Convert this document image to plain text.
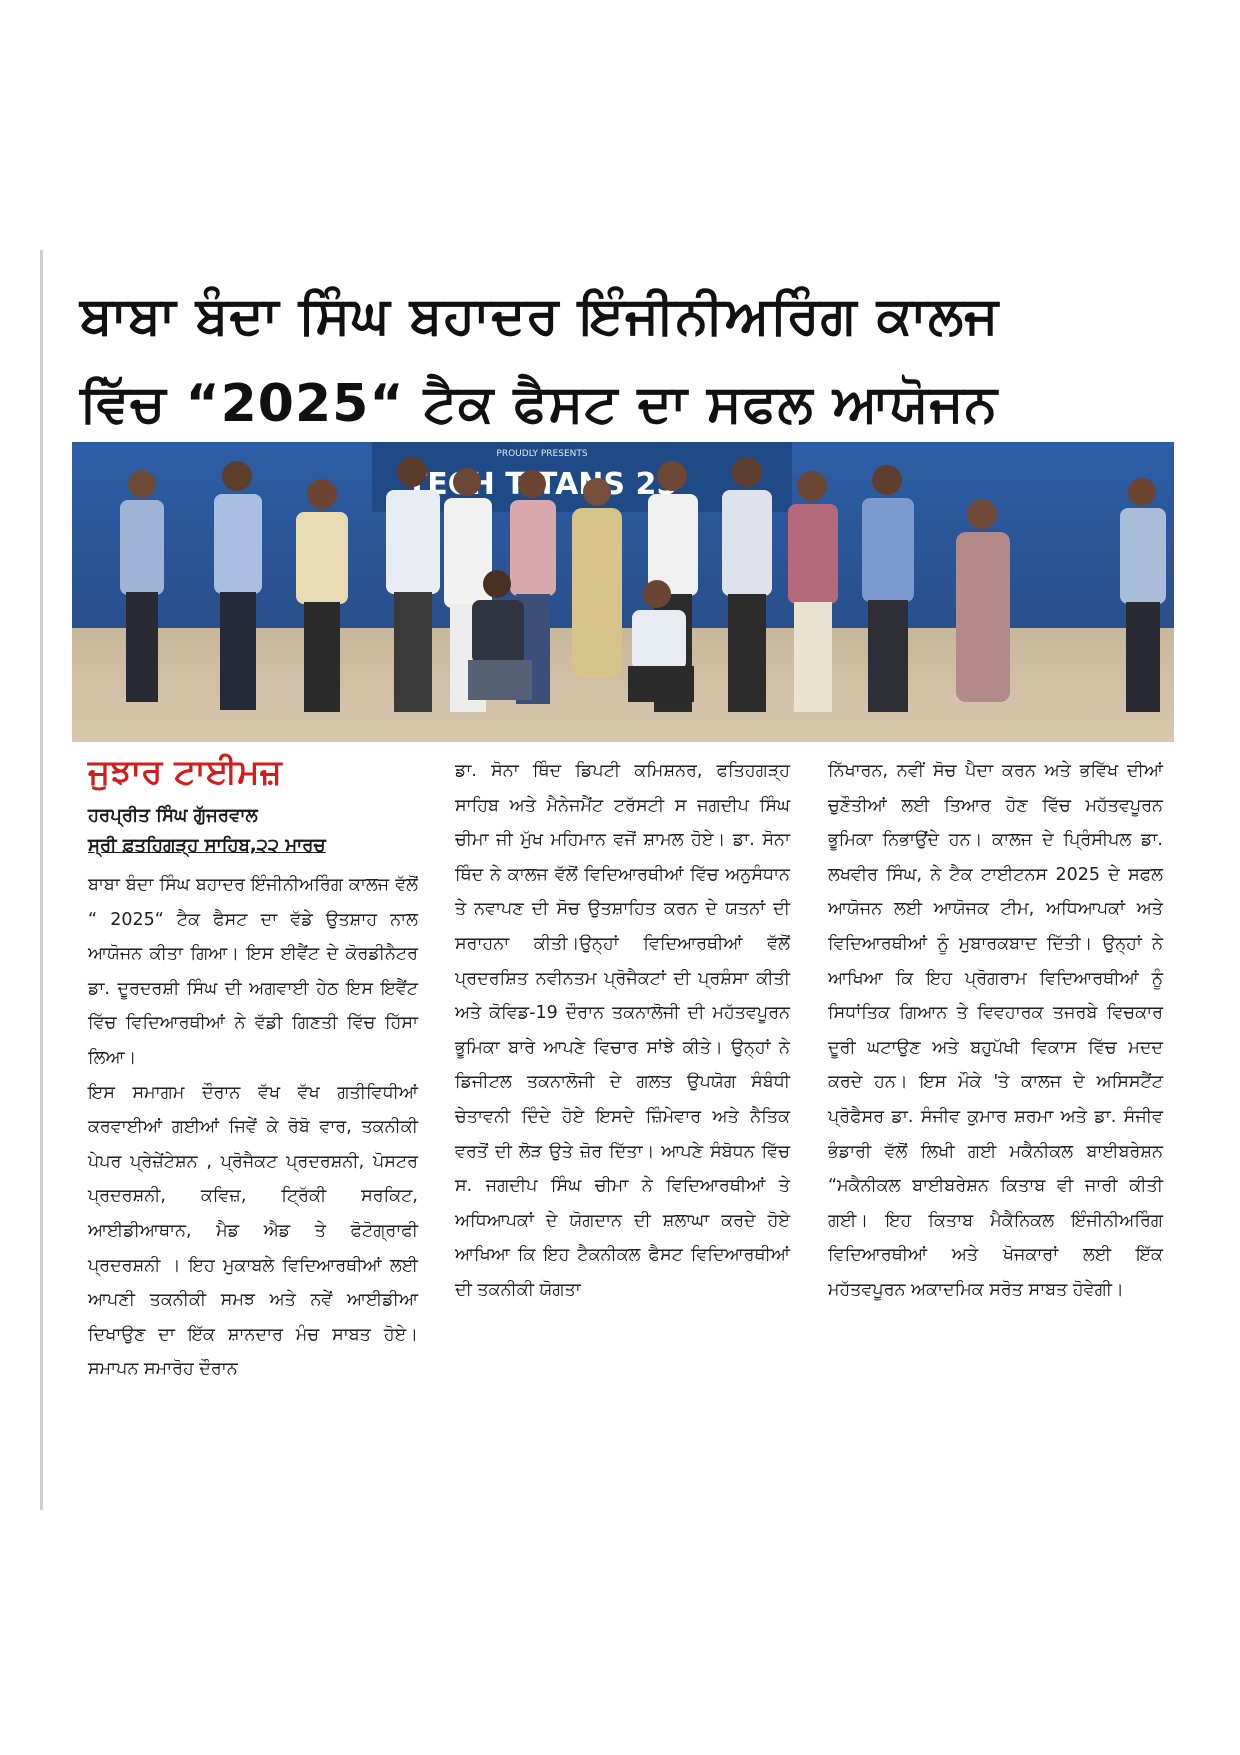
ਬਾਬਾ ਬੰਦਾ ਸਿੰਘ ਬਹਾਦਰ ਇੰਜੀਨੀਅਰਿੰਗ ਕਾਲਜ
ਵਿੱਚ “2025“ ਟੈਕ ਫੈਸਟ ਦਾ ਸਫਲ ਆਯੋਜਨ
PROUDLY PRESENTS
TECH TITANS 25
ਜੁਝਾਰ ਟਾਈਮਜ਼
ਹਰਪ੍ਰੀਤ ਸਿੰਘ ਗੁੱਜਰਵਾਲ
ਸ੍ਰੀ ਫ਼ਤਹਿਗੜ੍ਹ ਸਾਹਿਬ,੨੨ ਮਾਰਚ

ਬਾਬਾ ਬੰਦਾ ਸਿੰਘ ਬਹਾਦਰ ਇੰਜੀਨੀਅਰਿੰਗ ਕਾਲਜ ਵੱਲੋਂ “ 2025“ ਟੈਕ ਫੈਸਟ ਦਾ ਵੱਡੇ ਉਤਸ਼ਾਹ ਨਾਲ ਆਯੋਜਨ ਕੀਤਾ ਗਿਆ। ਇਸ ਈਵੈਂਟ ਦੇ ਕੋਰਡੀਨੈਟਰ ਡਾ. ਦੂਰਦਰਸ਼ੀ ਸਿੰਘ ਦੀ ਅਗਵਾਈ ਹੇਠ ਇਸ ਇਵੈਂਟ ਵਿੱਚ ਵਿਦਿਆਰਥੀਆਂ ਨੇ ਵੱਡੀ ਗਿਣਤੀ ਵਿੱਚ ਹਿੱਸਾ ਲਿਆ।

ਇਸ ਸਮਾਗਮ ਦੌਰਾਨ ਵੱਖ ਵੱਖ ਗਤੀਵਿਧੀਆਂ ਕਰਵਾਈਆਂ ਗਈਆਂ ਜਿਵੇਂ ਕੇ ਰੋਬੋ ਵਾਰ, ਤਕਨੀਕੀ ਪੇਪਰ ਪ੍ਰੇਜ਼ੇਂਟੇਸ਼ਨ , ਪ੍ਰੋਜੈਕਟ ਪ੍ਰਦਰਸ਼ਨੀ, ਪੋਸਟਰ ਪ੍ਰਦਰਸ਼ਨੀ, ਕਵਿਜ਼, ਟ੍ਰਿੱਕੀ ਸਰਕਿਟ, ਆਈਡੀਆਥਾਨ, ਮੈਡ ਐਡ ਤੇ ਫੋਟੋਗ੍ਰਾਫੀ ਪ੍ਰਦਰਸ਼ਨੀ । ਇਹ ਮੁਕਾਬਲੇ ਵਿਦਿਆਰਥੀਆਂ ਲਈ ਆਪਣੀ ਤਕਨੀਕੀ ਸਮਝ ਅਤੇ ਨਵੇਂ ਆਈਡੀਆ ਦਿਖਾਉਣ ਦਾ ਇੱਕ ਸ਼ਾਨਦਾਰ ਮੰਚ ਸਾਬਤ ਹੋਏ। ਸਮਾਪਨ ਸਮਾਰੋਹ ਦੌਰਾਨ

ਡਾ. ਸੋਨਾ ਥਿੰਦ ਡਿਪਟੀ ਕਮਿਸ਼ਨਰ, ਫਤਿਹਗੜ੍ਹ ਸਾਹਿਬ ਅਤੇ ਮੈਨੇਜਮੈਂਟ ਟਰੱਸਟੀ ਸ ਜਗਦੀਪ ਸਿੰਘ ਚੀਮਾ ਜੀ ਮੁੱਖ ਮਹਿਮਾਨ ਵਜੋਂ ਸ਼ਾਮਲ ਹੋਏ। ਡਾ. ਸੋਨਾ ਥਿੰਦ ਨੇ ਕਾਲਜ ਵੱਲੋਂ ਵਿਦਿਆਰਥੀਆਂ ਵਿੱਚ ਅਨੁਸੰਧਾਨ ਤੇ ਨਵਾਪਣ ਦੀ ਸੋਚ ਉਤਸ਼ਾਹਿਤ ਕਰਨ ਦੇ ਯਤਨਾਂ ਦੀ ਸਰਾਹਨਾ ਕੀਤੀ।ਉਨ੍ਹਾਂ ਵਿਦਿਆਰਥੀਆਂ ਵੱਲੋਂ ਪ੍ਰਦਰਸ਼ਿਤ ਨਵੀਨਤਮ ਪ੍ਰੋਜੈਕਟਾਂ ਦੀ ਪ੍ਰਸ਼ੰਸਾ ਕੀਤੀ ਅਤੇ ਕੋਵਿਡ-19 ਦੌਰਾਨ ਤਕਨਾਲੋਜੀ ਦੀ ਮਹੱਤਵਪੂਰਨ ਭੂਮਿਕਾ ਬਾਰੇ ਆਪਣੇ ਵਿਚਾਰ ਸਾਂਝੇ ਕੀਤੇ। ਉਨ੍ਹਾਂ ਨੇ ਡਿਜੀਟਲ ਤਕਨਾਲੋਜੀ ਦੇ ਗਲਤ ਉਪਯੋਗ ਸੰਬੰਧੀ ਚੇਤਾਵਨੀ ਦਿੰਦੇ ਹੋਏ ਇਸਦੇ ਜ਼ਿੰਮੇਵਾਰ ਅਤੇ ਨੈਤਿਕ ਵਰਤੋਂ ਦੀ ਲੋੜ ਉਤੇ ਜ਼ੋਰ ਦਿੱਤਾ। ਆਪਣੇ ਸੰਬੋਧਨ ਵਿੱਚ ਸ. ਜਗਦੀਪ ਸਿੰਘ ਚੀਮਾ ਨੇ ਵਿਦਿਆਰਥੀਆਂ ਤੇ ਅਧਿਆਪਕਾਂ ਦੇ ਯੋਗਦਾਨ ਦੀ ਸ਼ਲਾਘਾ ਕਰਦੇ ਹੋਏ ਆਖਿਆ ਕਿ ਇਹ ਟੈਕਨੀਕਲ ਫੈਸਟ ਵਿਦਿਆਰਥੀਆਂ ਦੀ ਤਕਨੀਕੀ ਯੋਗਤਾ

ਨਿੱਖਾਰਨ, ਨਵੀਂ ਸੋਚ ਪੈਦਾ ਕਰਨ ਅਤੇ ਭਵਿੱਖ ਦੀਆਂ ਚੁਣੌਤੀਆਂ ਲਈ ਤਿਆਰ ਹੋਣ ਵਿੱਚ ਮਹੱਤਵਪੂਰਨ ਭੂਮਿਕਾ ਨਿਭਾਉਂਦੇ ਹਨ। ਕਾਲਜ ਦੇ ਪ੍ਰਿੰਸੀਪਲ ਡਾ. ਲਖਵੀਰ ਸਿੰਘ, ਨੇ ਟੈਕ ਟਾਈਟਨਸ 2025 ਦੇ ਸਫਲ ਆਯੋਜਨ ਲਈ ਆਯੋਜਕ ਟੀਮ, ਅਧਿਆਪਕਾਂ ਅਤੇ ਵਿਦਿਆਰਥੀਆਂ ਨੂੰ ਮੁਬਾਰਕਬਾਦ ਦਿੱਤੀ। ਉਨ੍ਹਾਂ ਨੇ ਆਖਿਆ ਕਿ ਇਹ ਪ੍ਰੋਗਰਾਮ ਵਿਦਿਆਰਥੀਆਂ ਨੂੰ ਸਿਧਾਂਤਿਕ ਗਿਆਨ ਤੇ ਵਿਵਹਾਰਕ ਤਜਰਬੇ ਵਿਚਕਾਰ ਦੂਰੀ ਘਟਾਉਣ ਅਤੇ ਬਹੁਪੱਖੀ ਵਿਕਾਸ ਵਿੱਚ ਮਦਦ ਕਰਦੇ ਹਨ। ਇਸ ਮੌਕੇ 'ਤੇ ਕਾਲਜ ਦੇ ਅਸਿਸਟੈਂਟ ਪ੍ਰੋਫੈਸਰ ਡਾ. ਸੰਜੀਵ ਕੁਮਾਰ ਸ਼ਰਮਾ ਅਤੇ ਡਾ. ਸੰਜੀਵ ਭੰਡਾਰੀ ਵੱਲੋਂ ਲਿਖੀ ਗਈ ਮਕੈਨੀਕਲ ਬਾਈਬਰੇਸ਼ਨ “ਮਕੈਨੀਕਲ ਬਾਈਬਰੇਸ਼ਨ ਕਿਤਾਬ ਵੀ ਜਾਰੀ ਕੀਤੀ ਗਈ। ਇਹ ਕਿਤਾਬ ਮੈਕੈਨਿਕਲ ਇੰਜੀਨੀਅਰਿੰਗ ਵਿਦਿਆਰਥੀਆਂ ਅਤੇ ਖੋਜਕਾਰਾਂ ਲਈ ਇੱਕ ਮਹੱਤਵਪੂਰਨ ਅਕਾਦਮਿਕ ਸਰੋਤ ਸਾਬਤ ਹੋਵੇਗੀ।
